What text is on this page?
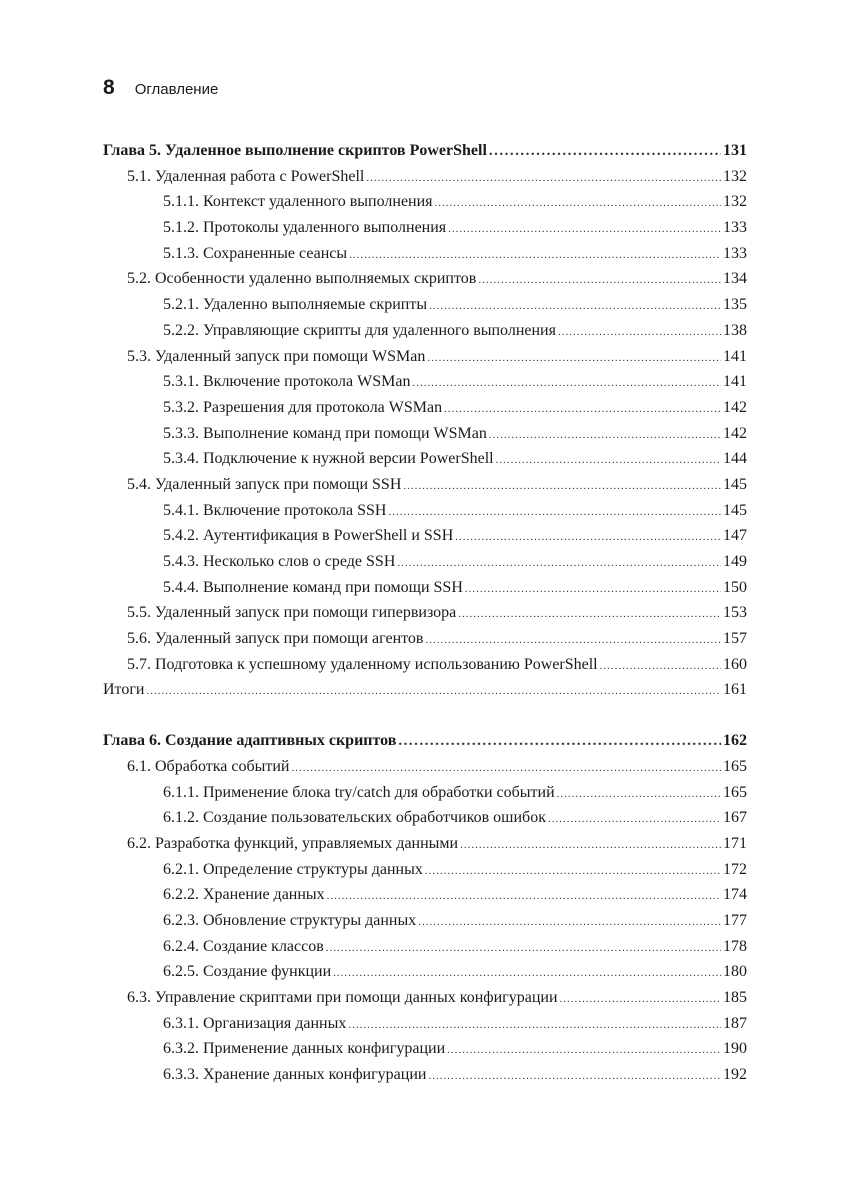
8 Оглавление
Глава 5. Удаленное выполнение скриптов PowerShell .....	131
5.1. Удаленная работа с PowerShell .....	132
5.1.1. Контекст удаленного выполнения .....	132
5.1.2. Протоколы удаленного выполнения .....	133
5.1.3. Сохраненные сеансы .....	133
5.2. Особенности удаленно выполняемых скриптов .....	134
5.2.1. Удаленно выполняемые скрипты .....	135
5.2.2. Управляющие скрипты для удаленного выполнения .....	138
5.3. Удаленный запуск при помощи WSMan .....	141
5.3.1. Включение протокола WSMan .....	141
5.3.2. Разрешения для протокола WSMan .....	142
5.3.3. Выполнение команд при помощи WSMan .....	142
5.3.4. Подключение к нужной версии PowerShell .....	144
5.4. Удаленный запуск при помощи SSH .....	145
5.4.1. Включение протокола SSH .....	145
5.4.2. Аутентификация в PowerShell и SSH .....	147
5.4.3. Несколько слов о среде SSH .....	149
5.4.4. Выполнение команд при помощи SSH .....	150
5.5. Удаленный запуск при помощи гипервизора .....	153
5.6. Удаленный запуск при помощи агентов .....	157
5.7. Подготовка к успешному удаленному использованию PowerShell .....	160
Итоги .....	161
Глава 6. Создание адаптивных скриптов .....	162
6.1. Обработка событий .....	165
6.1.1. Применение блока try/catch для обработки событий .....	165
6.1.2. Создание пользовательских обработчиков ошибок .....	167
6.2. Разработка функций, управляемых данными .....	171
6.2.1. Определение структуры данных .....	172
6.2.2. Хранение данных .....	174
6.2.3. Обновление структуры данных .....	177
6.2.4. Создание классов .....	178
6.2.5. Создание функции .....	180
6.3. Управление скриптами при помощи данных конфигурации .....	185
6.3.1. Организация данных .....	187
6.3.2. Применение данных конфигурации .....	190
6.3.3. Хранение данных конфигурации .....	192
